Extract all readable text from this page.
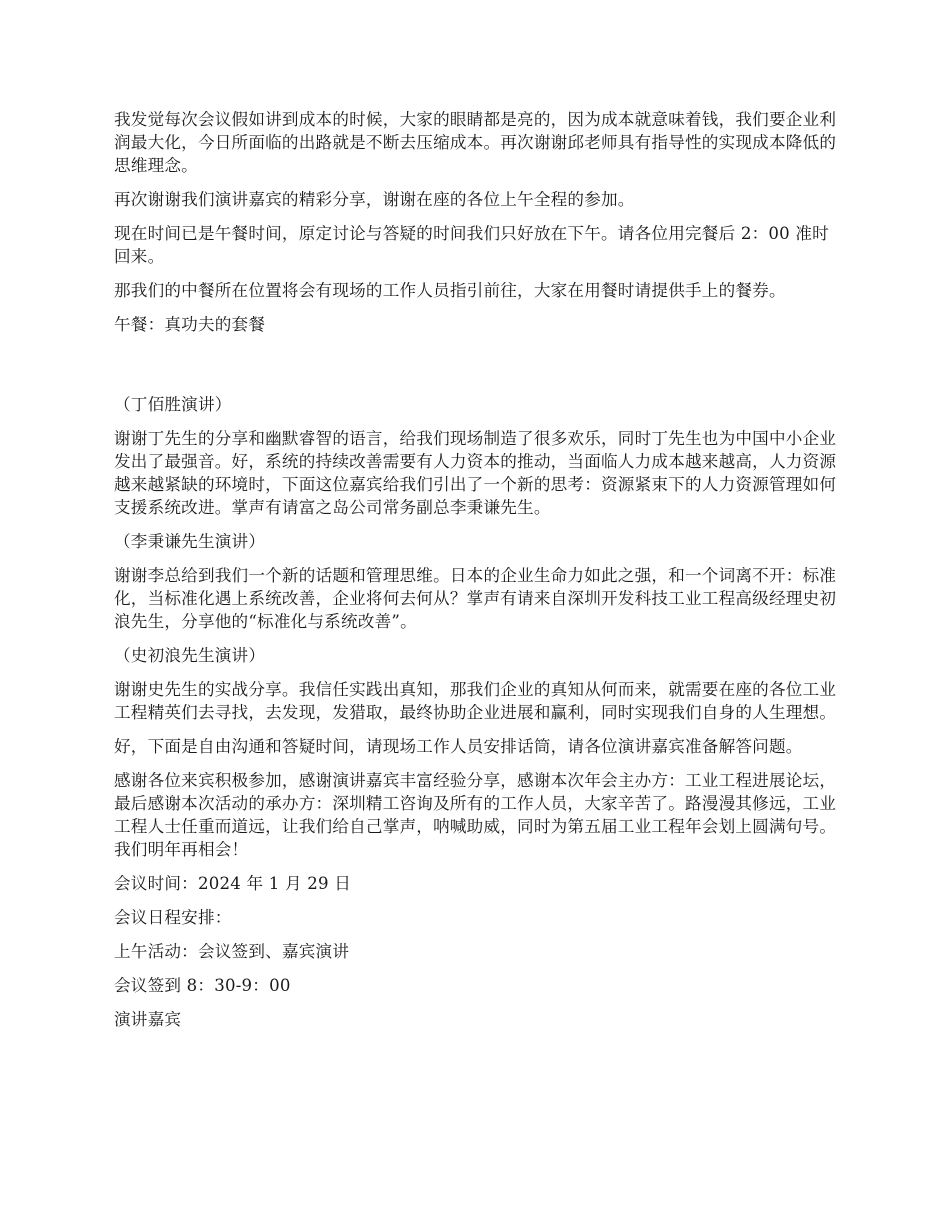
我发觉每次会议假如讲到成本的时候，大家的眼睛都是亮的，因为成本就意味着钱，我们要企业利润最大化，今日所面临的出路就是不断去压缩成本。再次谢谢邱老师具有指导性的实现成本降低的思维理念。

再次谢谢我们演讲嘉宾的精彩分享，谢谢在座的各位上午全程的参加。

现在时间已是午餐时间，原定讨论与答疑的时间我们只好放在下午。请各位用完餐后 2：00 准时回来。

那我们的中餐所在位置将会有现场的工作人员指引前往，大家在用餐时请提供手上的餐券。

午餐：真功夫的套餐

（丁佰胜演讲）

谢谢丁先生的分享和幽默睿智的语言，给我们现场制造了很多欢乐，同时丁先生也为中国中小企业发出了最强音。好，系统的持续改善需要有人力资本的推动，当面临人力成本越来越高，人力资源越来越紧缺的环境时，下面这位嘉宾给我们引出了一个新的思考：资源紧束下的人力资源管理如何支援系统改进。掌声有请富之岛公司常务副总李秉谦先生。

（李秉谦先生演讲）

谢谢李总给到我们一个新的话题和管理思维。日本的企业生命力如此之强，和一个词离不开：标准化，当标准化遇上系统改善，企业将何去何从？掌声有请来自深圳开发科技工业工程高级经理史初浪先生，分享他的“标准化与系统改善”。

（史初浪先生演讲）

谢谢史先生的实战分享。我信任实践出真知，那我们企业的真知从何而来，就需要在座的各位工业工程精英们去寻找，去发现，发猎取，最终协助企业进展和赢利，同时实现我们自身的人生理想。

好，下面是自由沟通和答疑时间，请现场工作人员安排话筒，请各位演讲嘉宾准备解答问题。

感谢各位来宾积极参加，感谢演讲嘉宾丰富经验分享，感谢本次年会主办方：工业工程进展论坛，最后感谢本次活动的承办方：深圳精工咨询及所有的工作人员，大家辛苦了。路漫漫其修远，工业工程人士任重而道远，让我们给自己掌声，呐喊助威，同时为第五届工业工程年会划上圆满句号。我们明年再相会！

会议时间：2024 年 1 月 29 日

会议日程安排：

上午活动：会议签到、嘉宾演讲

会议签到 8：30-9：00

演讲嘉宾
